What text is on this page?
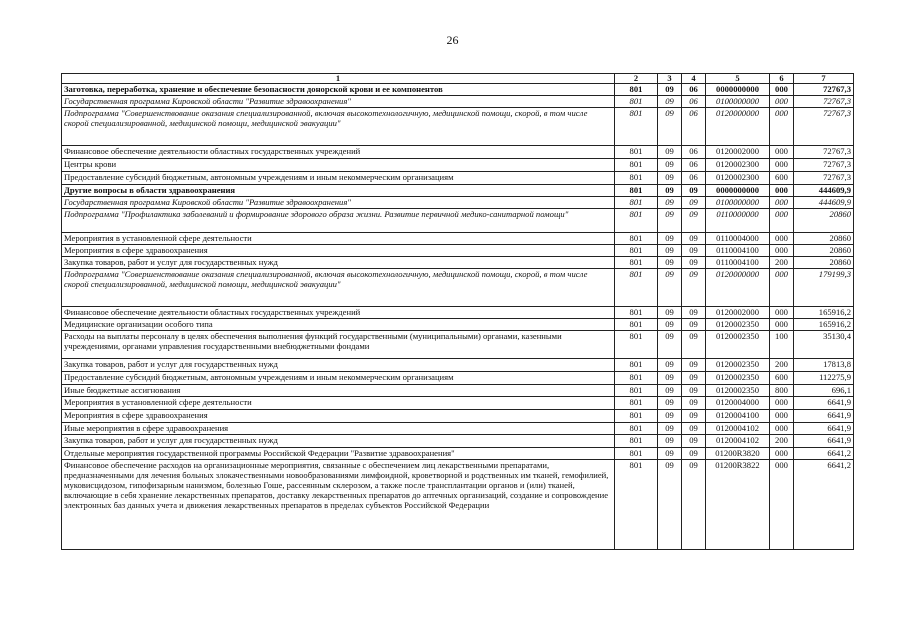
26
1	2	3	4	5	6	7
Заготовка, переработка, хранение и обеспечение безопасности донорской крови и ее компонентов	801	09	06	0000000000	000	72767,3
Государственная программа Кировской области "Развитие здравоохранения"	801	09	06	0100000000	000	72767,3
Подпрограмма "Совершенствование оказания специализированной, включая высокотехнологичную, медицинской помощи, скорой, в том числе скорой специализированной, медицинской помощи, медицинской эвакуации"	801	09	06	0120000000	000	72767,3
Финансовое обеспечение деятельности областных государственных учреждений	801	09	06	0120002000	000	72767,3
Центры крови	801	09	06	0120002300	000	72767,3
Предоставление субсидий бюджетным, автономным учреждениям и иным некоммерческим организациям	801	09	06	0120002300	600	72767,3
Другие вопросы в области здравоохранения	801	09	09	0000000000	000	444609,9
Государственная программа Кировской области "Развитие здравоохранения"	801	09	09	0100000000	000	444609,9
Подпрограмма "Профилактика заболеваний и формирование здорового образа жизни. Развитие первичной медико-санитарной помощи"	801	09	09	0110000000	000	20860
Мероприятия в установленной сфере деятельности	801	09	09	0110004000	000	20860
Мероприятия в сфере здравоохранения	801	09	09	0110004100	000	20860
Закупка товаров, работ и услуг для государственных нужд	801	09	09	0110004100	200	20860
Подпрограмма "Совершенствование оказания специализированной, включая высокотехнологичную, медицинской помощи, скорой, в том числе скорой специализированной, медицинской помощи, медицинской эвакуации"	801	09	09	0120000000	000	179199,3
Финансовое обеспечение деятельности областных государственных учреждений	801	09	09	0120002000	000	165916,2
Медицинские организации особого типа	801	09	09	0120002350	000	165916,2
Расходы на выплаты персоналу в целях обеспечения выполнения функций государственными (муниципальными) органами, казенными учреждениями, органами управления государственными внебюджетными фондами	801	09	09	0120002350	100	35130,4
Закупка товаров, работ и услуг для государственных нужд	801	09	09	0120002350	200	17813,8
Предоставление субсидий бюджетным, автономным учреждениям и иным некоммерческим организациям	801	09	09	0120002350	600	112275,9
Иные бюджетные ассигнования	801	09	09	0120002350	800	696,1
Мероприятия в установленной сфере деятельности	801	09	09	0120004000	000	6641,9
Мероприятия в сфере здравоохранения	801	09	09	0120004100	000	6641,9
Иные мероприятия в сфере здравоохранения	801	09	09	0120004102	000	6641,9
Закупка товаров, работ и услуг для государственных нужд	801	09	09	0120004102	200	6641,9
Отдельные мероприятия государственной программы Российской Федерации "Развитие здравоохранения"	801	09	09	01200R3820	000	6641,2
Финансовое обеспечение расходов на организационные мероприятия, связанные с обеспечением лиц лекарственными препаратами, предназначенными для лечения больных злокачественными новообразованиями лимфоидной, кроветворной и родственных им тканей, гемофилией, муковисцидозом, гипофизарным нанизмом, болезнью Гоше, рассеянным склерозом, а также после трансплантации органов и (или) тканей, включающие в себя хранение лекарственных препаратов, доставку лекарственных препаратов до аптечных организаций, создание и сопровождение электронных баз данных учета и движения лекарственных препаратов в пределах субъектов Российской Федерации	801	09	09	01200R3822	000	6641,2
